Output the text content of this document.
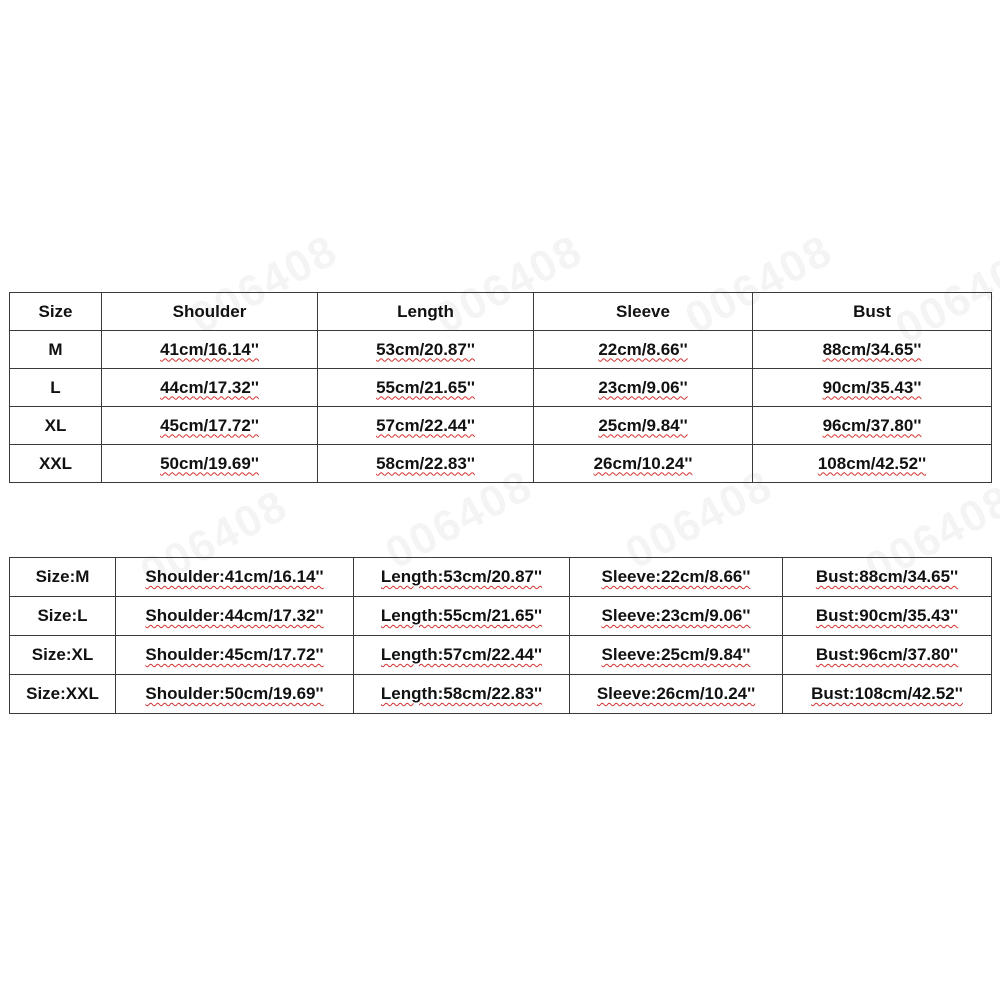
Size	Shoulder	Length	Sleeve	Bust
M	41cm/16.14''	53cm/20.87''	22cm/8.66''	88cm/34.65''
L	44cm/17.32''	55cm/21.65''	23cm/9.06''	90cm/35.43''
XL	45cm/17.72''	57cm/22.44''	25cm/9.84''	96cm/37.80''
XXL	50cm/19.69''	58cm/22.83''	26cm/10.24''	108cm/42.52''
Size:M	Shoulder:41cm/16.14''	Length:53cm/20.87''	Sleeve:22cm/8.66''	Bust:88cm/34.65''
Size:L	Shoulder:44cm/17.32''	Length:55cm/21.65''	Sleeve:23cm/9.06''	Bust:90cm/35.43''
Size:XL	Shoulder:45cm/17.72''	Length:57cm/22.44''	Sleeve:25cm/9.84''	Bust:96cm/37.80''
Size:XXL	Shoulder:50cm/19.69''	Length:58cm/22.83''	Sleeve:26cm/10.24''	Bust:108cm/42.52''
